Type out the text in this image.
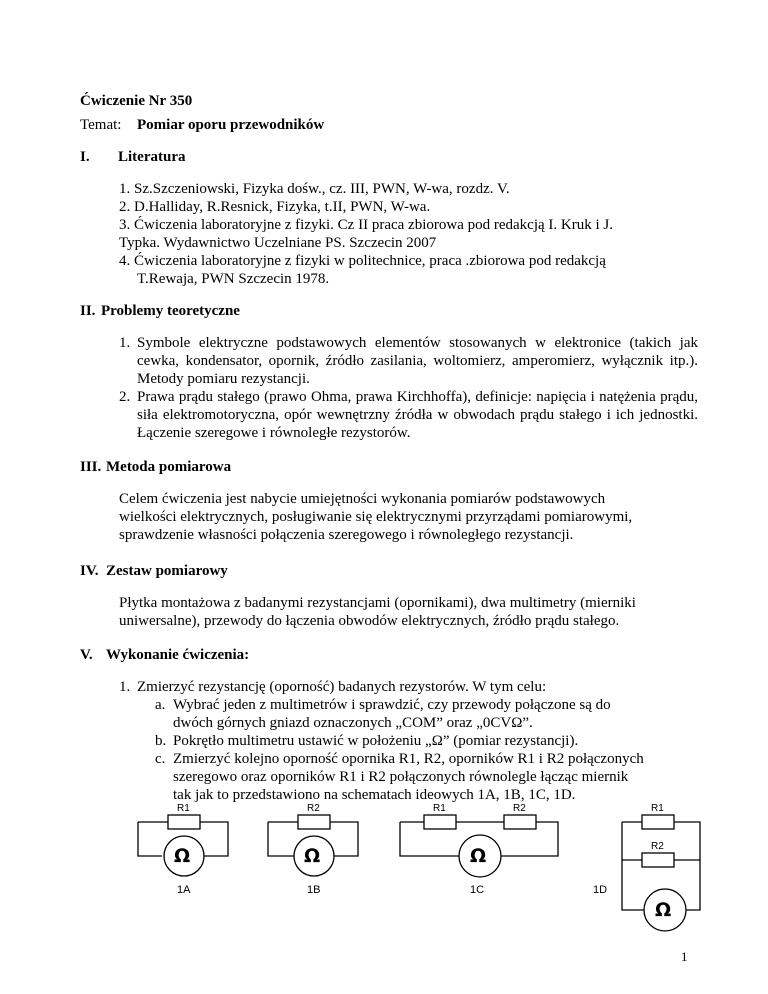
Ćwiczenie Nr 350
Temat: Pomiar oporu przewodników
I. Literatura
1. Sz.Szczeniowski, Fizyka dośw., cz. III, PWN, W-wa, rozdz. V.
2. D.Halliday, R.Resnick, Fizyka, t.II, PWN, W-wa.
3. Ćwiczenia laboratoryjne z fizyki. Cz II praca zbiorowa pod redakcją I. Kruk i J.
Typka. Wydawnictwo Uczelniane PS. Szczecin 2007
4. Ćwiczenia laboratoryjne z fizyki w politechnice, praca .zbiorowa pod redakcją
T.Rewaja, PWN Szczecin 1978.
II. Problemy teoretyczne
1. Symbole elektryczne podstawowych elementów stosowanych w elektronice (takich jak cewka, kondensator, opornik, źródło zasilania, woltomierz, amperomierz, wyłącznik itp.). Metody pomiaru rezystancji.
2. Prawa prądu stałego (prawo Ohma, prawa Kirchhoffa), definicje: napięcia i natężenia prądu, siła elektromotoryczna, opór wewnętrzny źródła w obwodach prądu stałego i ich jednostki. Łączenie szeregowe i równoległe rezystorów.
III. Metoda pomiarowa
Celem ćwiczenia jest nabycie umiejętności wykonania pomiarów podstawowych wielkości elektrycznych, posługiwanie się elektrycznymi przyrządami pomiarowymi, sprawdzenie własności połączenia szeregowego i równoległego rezystancji.
IV. Zestaw pomiarowy
Płytka montażowa z badanymi rezystancjami (opornikami), dwa multimetry (mierniki uniwersalne), przewody do łączenia obwodów elektrycznych, źródło prądu stałego.
V. Wykonanie ćwiczenia:
1. Zmierzyć rezystancję (oporność) badanych rezystorów. W tym celu:
a. Wybrać jeden z multimetrów i sprawdzić, czy przewody połączone są do
dwóch górnych gniazd oznaczonych „COM” oraz „0CVΩ”.
b. Pokrętło multimetru ustawić w położeniu „Ω” (pomiar rezystancji).
c. Zmierzyć kolejno oporność opornika R1, R2, oporników R1 i R2 połączonych
szeregowo oraz oporników R1 i R2 połączonych równolegle łącząc miernik
tak jak to przedstawiono na schematach ideowych 1A, 1B, 1C, 1D.
R1	R2	R1	R2	R1
R2
Ω	Ω	Ω
Ω
1A	1B	1C	1D
1
